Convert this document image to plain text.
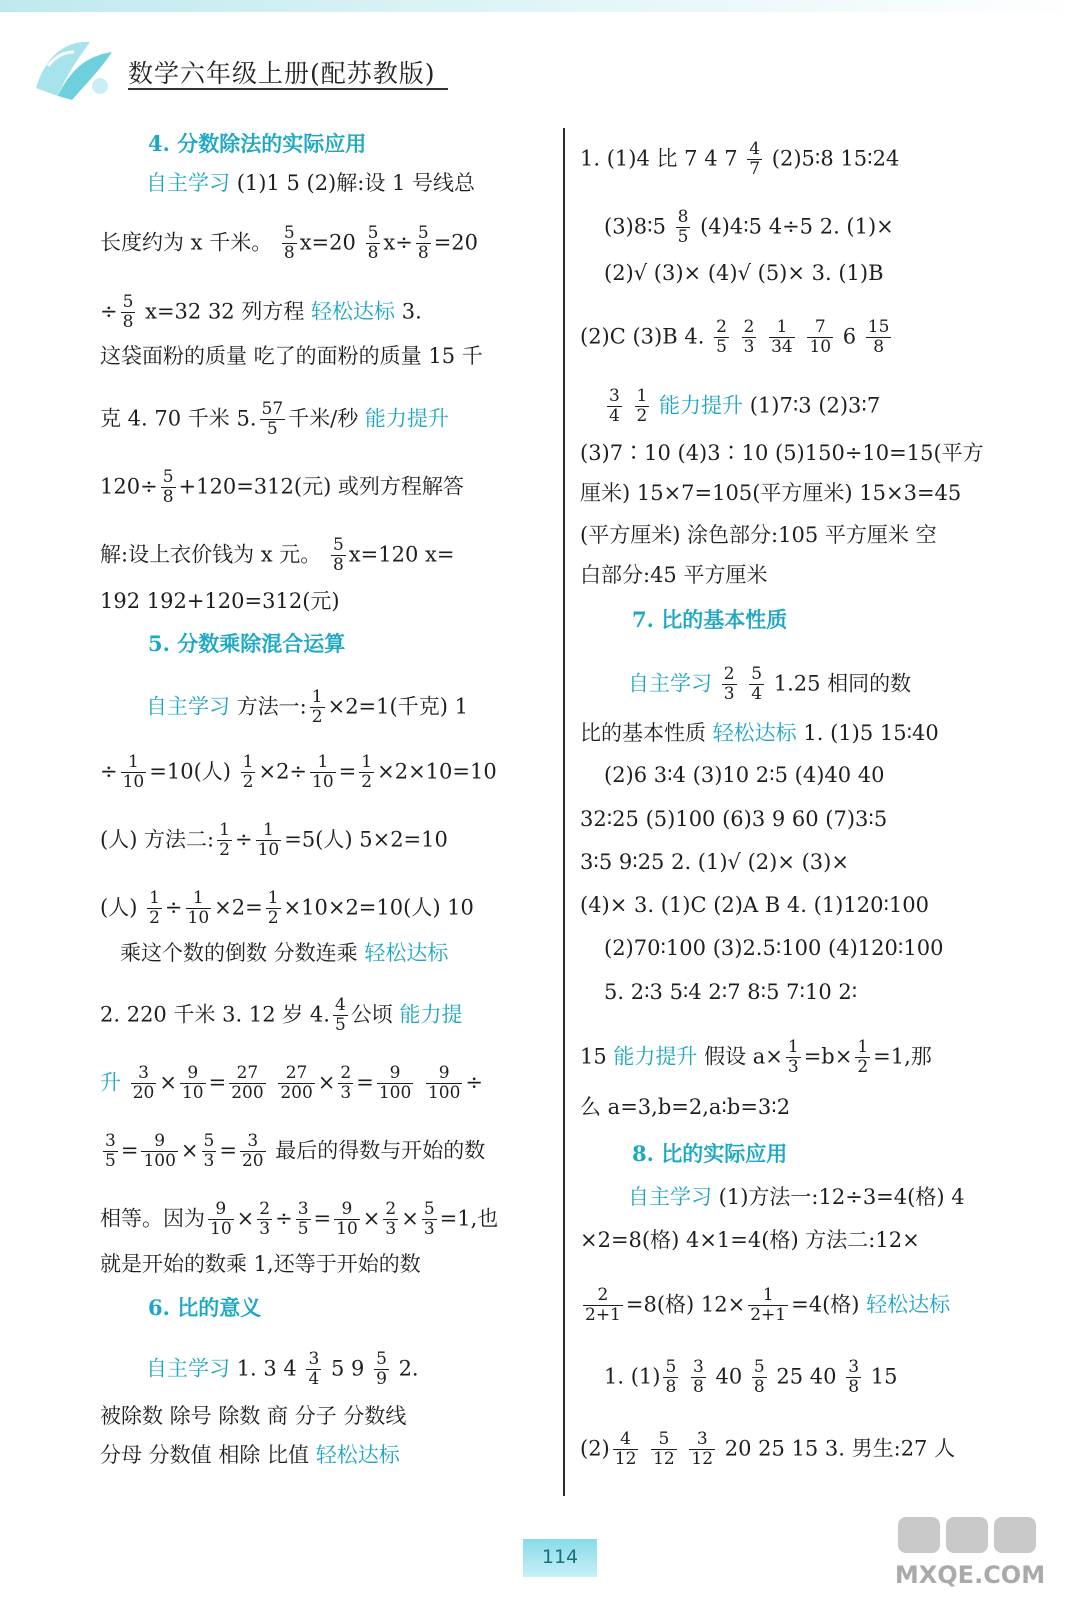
数学六年级上册(配苏教版)
4. 分数除法的实际应用
自主学习 (1)1 5 (2)解:设 1 号线总
长度约为 x 千米。 $\frac{5}{8} x=20 \frac{5}{8} x\div \frac{5}{8} =20$
÷ $\frac{5}{8} x=32$ 32 列方程 轻松达标 3.
这袋面粉的质量 吃了的面粉的质量 15 千
克 4. 70 千米 5. $\frac{57}{5}$ 千米/秒 能力提升
$120\div \frac{5}{8} +120=312$(元) 或列方程解答
解:设上衣价钱为 x 元。 $\frac{5}{8} x=120$ x=
192 192+120=312(元)
5. 分数乘除混合运算
自主学习 方法一: $\frac{1}{2} \times 2=1$(千克) 1
÷ $\frac{1}{10} =10$(人) $\frac{1}{2} \times 2\div \frac{1}{10} = \frac{1}{2} \times 2\times 10=10$
(人) 方法二: $\frac{1}{2} \div \frac{1}{10} =5$(人) 5×2=10
(人) $\frac{1}{2} \div \frac{1}{10} \times 2= \frac{1}{2} \times 10\times 2=10$(人) 10
乘这个数的倒数 分数连乘 轻松达标
2. 220 千米 3. 12 岁 4. $\frac{4}{5}$ 公顷 能力提
升 $\frac{3}{20} \times \frac{9}{10} = \frac{27}{200}$
$\frac{27}{200} \times \frac{2}{3} = \frac{9}{100}$
$\frac{9}{100}$ ÷
$\frac{3}{5} = \frac{9}{100} \times \frac{5}{3} = \frac{3}{20}$ 最后的得数与开始的数
相等。因为 $\frac{9}{10} \times \frac{2}{3} \div \frac{3}{5} = \frac{9}{10} \times \frac{2}{3} \times \frac{5}{3} =1$,也
就是开始的数乘 1,还等于开始的数
6. 比的意义
自主学习 1. 3 $4 \frac{3}{4} 5$ $9 \frac{5}{9} 2$.
被除数 除号 除数 商 分子 分数线
分母 分数值 相除 比值 轻松达标
1. (1)4 比 7 4 $7 \frac{4}{7}$ (2)5∶8 15∶24
(3)8∶5 $\frac{8}{5}$ (4)4∶5 4÷5 2. (1)×
(2)√ (3)× (4)√ (5)× 3. (1)B
(2)C (3)B 4. $\frac{2}{5}$
$\frac{2}{3}$
$\frac{1}{34}$
$\frac{7}{10} 6 \frac{15}{8}$
$\frac{3}{4}$
$\frac{1}{2}$ 能力提升 (1)7∶3 (2)3∶7
(3)7∶10 (4)3∶10 (5)150÷10=15(平方
厘米) 15×7=105(平方厘米) 15×3=45
(平方厘米) 涂色部分:105 平方厘米 空
白部分:45 平方厘米
7. 比的基本性质
自主学习 $\frac{2}{3}$
$\frac{5}{4} 1.25$ 相同的数
比的基本性质 轻松达标 1. (1)5 15∶40
(2)6 3∶4 (3)10 2∶5 (4)40 40
32∶25 (5)100 (6)3 9 60 (7)3∶5
3∶5 9∶25 2. (1)√ (2)× (3)×
(4)× 3. (1)C (2)A B 4. (1)120∶100
(2)70∶100 (3)2.5∶100 (4)120∶100
5. 2∶3 5∶4 2∶7 8∶5 7∶10 2∶
15 能力提升 假设 $a\times \frac{1}{3} =b\times \frac{1}{2} =1$,那
么 a=3,b=2,a∶b=3∶2
8. 比的实际应用
自主学习 (1)方法一:12÷3=4(格) 4
×2=8(格) 4×1=4(格) 方法二:12×
$\frac{2}{2+1} =8$(格) $12\times \frac{1}{2+1} =4$(格) 轻松达标
1. $(1) \frac{5}{8}$
$\frac{3}{8} 40 \frac{5}{8} 25$ $40 \frac{3}{8} 15$
$(2) \frac{4}{12}$
$\frac{5}{12}$
$\frac{3}{12} 20$ 25 15 3. 男生:27 人
114
MXQE.COM
